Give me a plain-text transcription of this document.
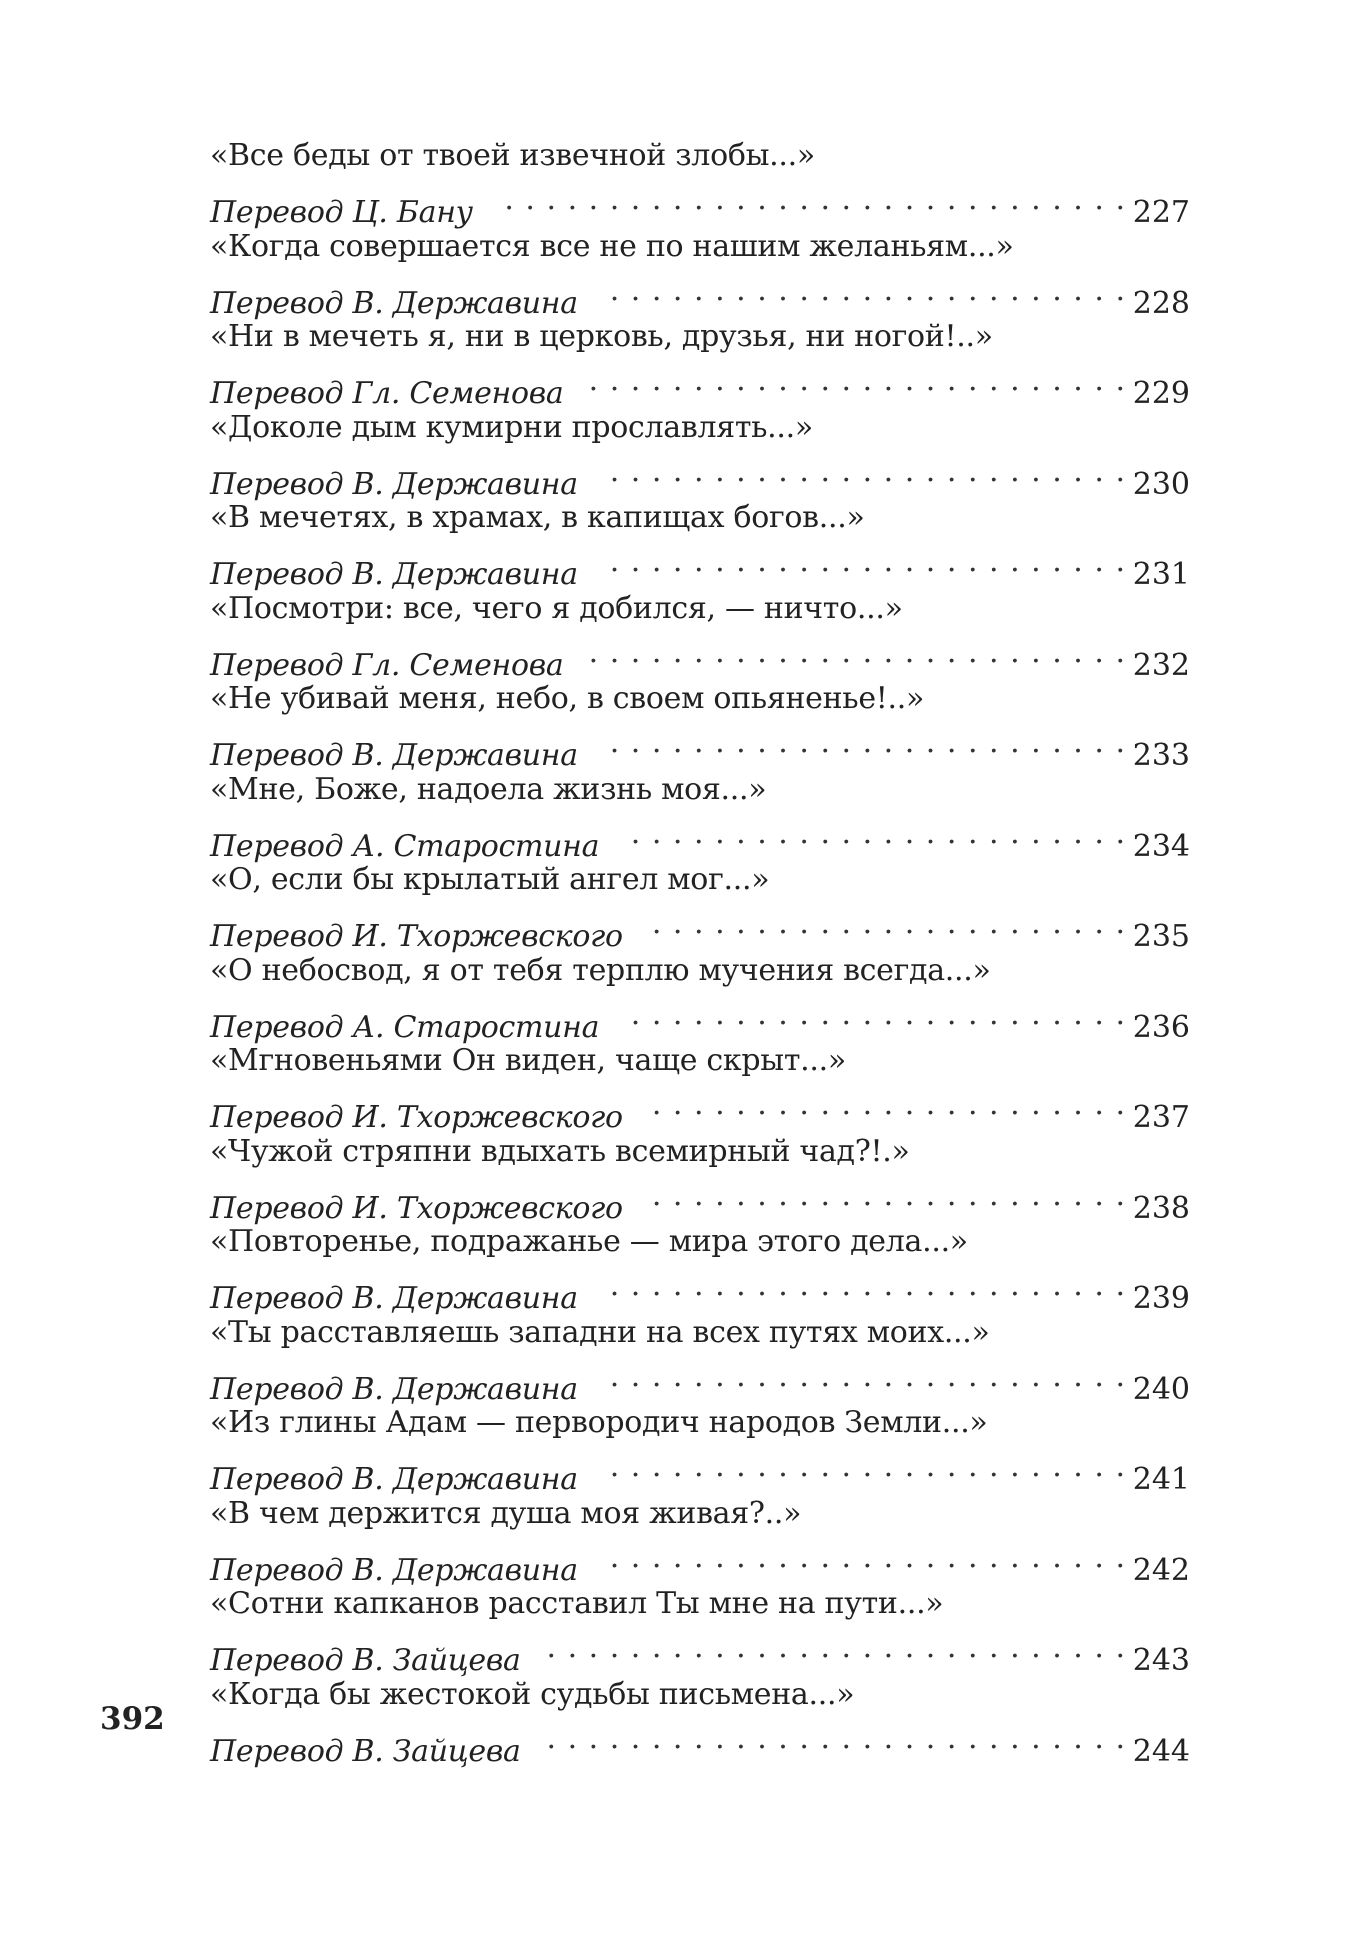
«Все беды от твоей извечной злобы...»
Перевод Ц. Бану . . .	227
«Когда совершается все не по нашим желаньям...»
Перевод В. Державина . . .	228
«Ни в мечеть я, ни в церковь, друзья, ни ногой!..»
Перевод Гл. Семенова . . .	229
«Доколе дым кумирни прославлять...»
Перевод В. Державина . . .	230
«В мечетях, в храмах, в капищах богов...»
Перевод В. Державина . . .	231
«Посмотри: все, чего я добился, — ничто...»
Перевод Гл. Семенова . . .	232
«Не убивай меня, небо, в своем опьяненье!..»
Перевод В. Державина . . .	233
«Мне, Боже, надоела жизнь моя...»
Перевод А. Старостина . . .	234
«О, если бы крылатый ангел мог...»
Перевод И. Тхоржевского . . .	235
«О небосвод, я от тебя терплю мучения всегда...»
Перевод А. Старостина . . .	236
«Мгновеньями Он виден, чаще скрыт...»
Перевод И. Тхоржевского . . .	237
«Чужой стряпни вдыхать всемирный чад?!.»
Перевод И. Тхоржевского . . .	238
«Повторенье, подражанье — мира этого дела...»
Перевод В. Державина . . .	239
«Ты расставляешь западни на всех путях моих...»
Перевод В. Державина . . .	240
«Из глины Адам — первородич народов Земли...»
Перевод В. Державина . . .	241
«В чем держится душа моя живая?..»
Перевод В. Державина . . .	242
«Сотни капканов расставил Ты мне на пути...»
Перевод В. Зайцева . . .	243
«Когда бы жестокой судьбы письмена...»
Перевод В. Зайцева . . .	244
392
